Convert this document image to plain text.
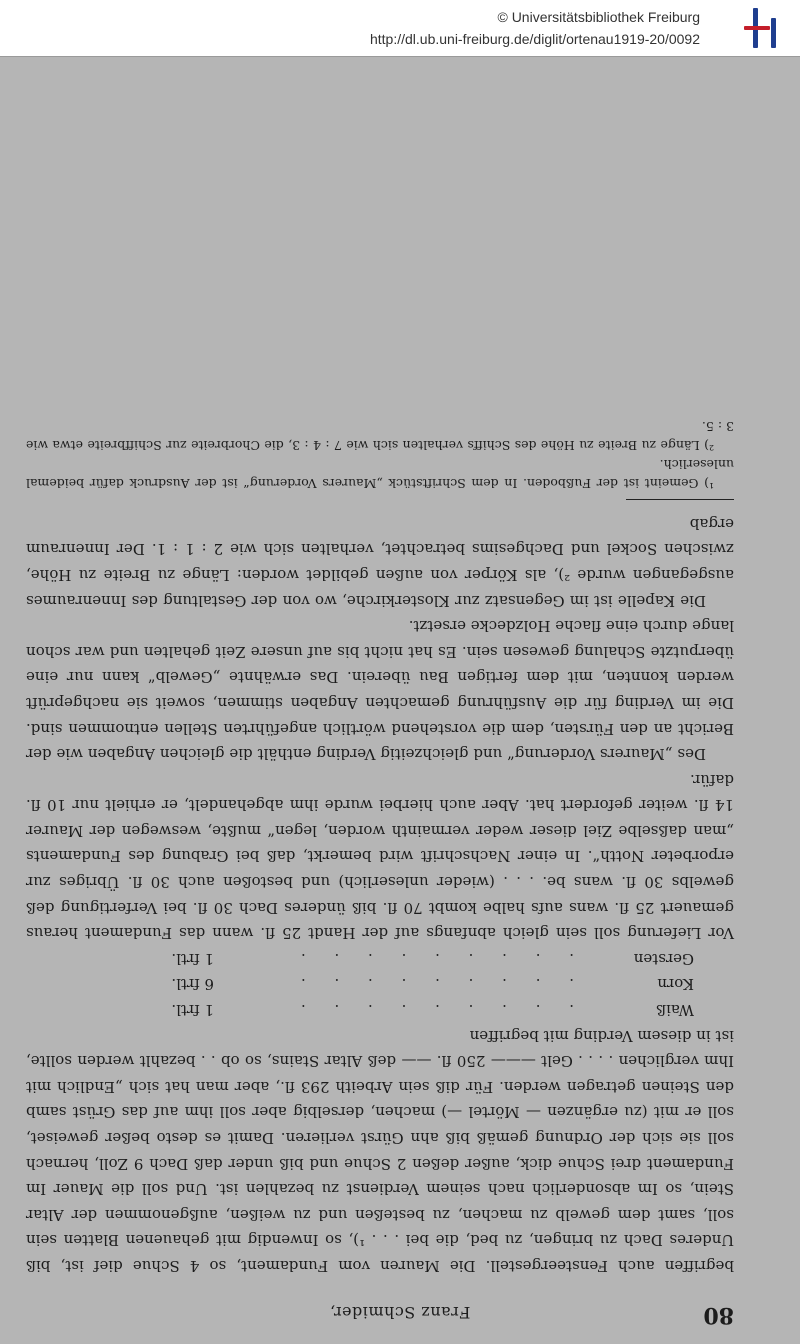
http://dl.ub.uni-freiburg.de/diglit/ortenau1919-20/0092
© Universitätsbibliothek Freiburg
80
Franz Schmider,

begriffen auch Fensteergestell. Die Mauren vom Fundament, so 4 Schue dief ist, biß Underes Dach zu bringen, zu bed, die bei . . . ¹), so Inwendig mit gehauenen Blatten sein soll, samt dem gewelb zu machen, zu besteßen und zu weißen, außgenommen der Altar Stein, so Im absonderlich nach seinem Verdienst zu bezahlen ist. Und soll die Mauer Im Fundament drei Schue dick, außer deßen 2 Schue und biß under daß Dach 9 Zoll, hernach soll sie sich der Ordnung gemäß biß ahn Gürst verlieren. Damit es desto beßer geweiset, soll er mit (zu ergänzen — Mörtel —) machen, derselbig aber soll ihm auf das Grüst samb den Steinen getragen werden. Für diß sein Arbeith 293 fl., aber man hat sich „Endlich mit Ihm verglichen . . . . Gelt ——— 250 fl. —— deß Altar Stains, so ob . . bezahlt werden sollte, ist in diesem Verding mit begriffen

Waiß
. . . . . . . . .
1 frtl.
Korn
. . . . . . . . .
6 frtl.
Gersten
. . . . . . . . .
1 frtl.

Vor Lieferung soll sein gleich abnfangs auf der Handt 25 fl. wann das Fundament heraus gemauert 25 fl. wans aufs halbe kombt 70 fl. biß ünderes Dach 30 fl. bei Verfertigung deß gewelbs 30 fl. wans be. . . . (wieder unleserlich) und bestoßen auch 30 fl. Übriges zur erporbeter Notth“. In einer Nachschrift wird bemerkt, daß bei Grabung des Fundaments „man daßselbe Ziel dieser weder vermainth worden, legen“ mußte, weswegen der Maurer 14 fl. weiter gefordert hat. Aber auch hierbei wurde ihm abgehandelt, er erhielt nur 10 fl. dafür.

Des „Maurers Vorderung“ und gleichzeitig Verding enthält die gleichen Angaben wie der Bericht an den Fürsten, dem die vorstehend wörtlich angeführten Stellen entnommen sind. Die im Verding für die Ausführung gemachten Angaben stimmen, soweit sie nachgeprüft werden konnten, mit dem fertigen Bau überein. Das erwähnte „Gewelb“ kann nur eine überputzte Schalung gewesen sein. Es hat nicht bis auf unsere Zeit gehalten und war schon lange durch eine flache Holzdecke ersetzt.

Die Kapelle ist im Gegensatz zur Klosterkirche, wo von der Gestaltung des Innenraumes ausgegangen wurde ²), als Körper von außen gebildet worden: Länge zu Breite zu Höhe, zwischen Sockel und Dachgesims betrachtet, verhalten sich wie 2 : 1 : 1. Der Innenraum ergab

¹) Gemeint ist der Fußboden. In dem Schriftstück „Maurers Vorderung“ ist der Ausdruck dafür beidemal unleserlich.

²) Länge zu Breite zu Höhe des Schiffs verhalten sich wie 7 : 4 : 3, die Chorbreite zur Schiffbreite etwa wie 3 : 5.
